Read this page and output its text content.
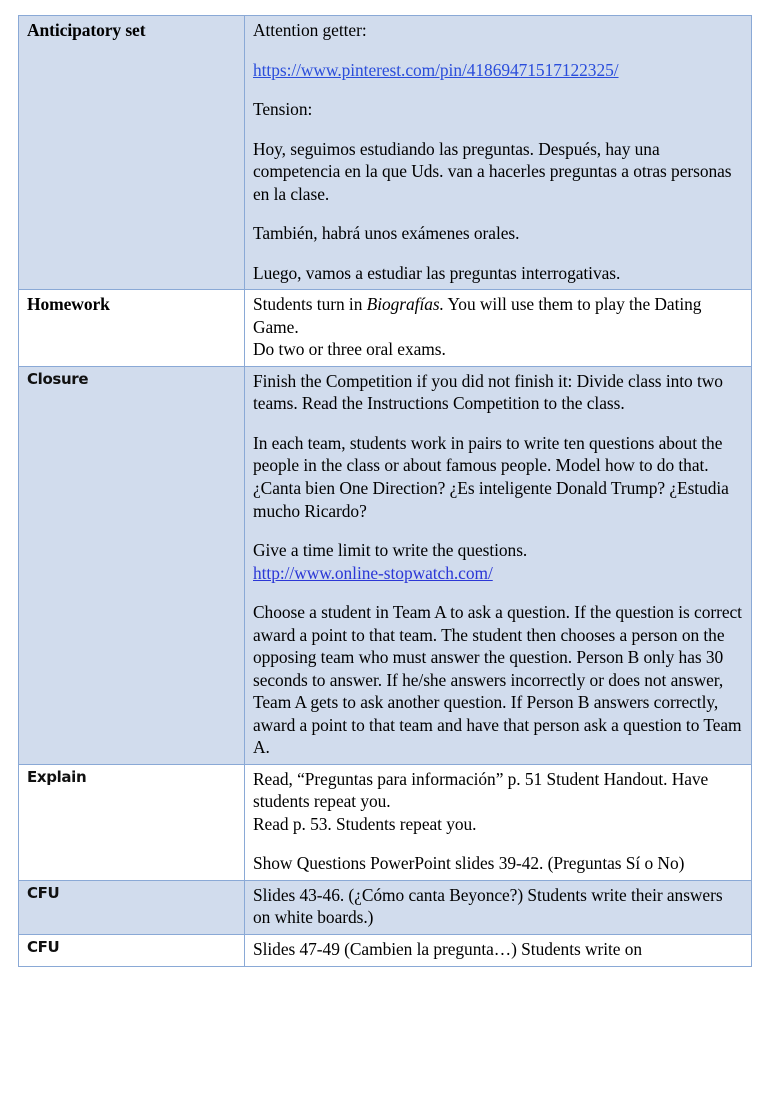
Anticipatory set	Attention getter:

https://www.pinterest.com/pin/41869471517122325/

Tension:

Hoy, seguimos estudiando las preguntas. Después, hay una competencia en la que Uds. van a hacerles preguntas a otras personas en la clase.

También, habrá unos exámenes orales.

Luego, vamos a estudiar las preguntas interrogativas.

Homework	Students turn in Biografías. You will use them to play the Dating Game.

Do two or three oral exams.

Closure	Finish the Competition if you did not finish it: Divide class into two teams. Read the Instructions Competition to the class.

In each team, students work in pairs to write ten questions about the people in the class or about famous people. Model how to do that. ¿Canta bien One Direction? ¿Es inteligente Donald Trump? ¿Estudia mucho Ricardo?

Give a time limit to write the questions.

http://www.online-stopwatch.com/

Choose a student in Team A to ask a question. If the question is correct award a point to that team. The student then chooses a person on the opposing team who must answer the question. Person B only has 30 seconds to answer. If he/she answers incorrectly or does not answer, Team A gets to ask another question. If Person B answers correctly, award a point to that team and have that person ask a question to Team A.

Explain	Read, “Preguntas para información” p. 51 Student Handout. Have students repeat you.

Read p. 53. Students repeat you.

Show Questions PowerPoint slides 39-42. (Preguntas Sí o No)

CFU	Slides 43-46. (¿Cómo canta Beyonce?) Students write their answers on white boards.)

CFU	Slides 47-49 (Cambien la pregunta…) Students write on
